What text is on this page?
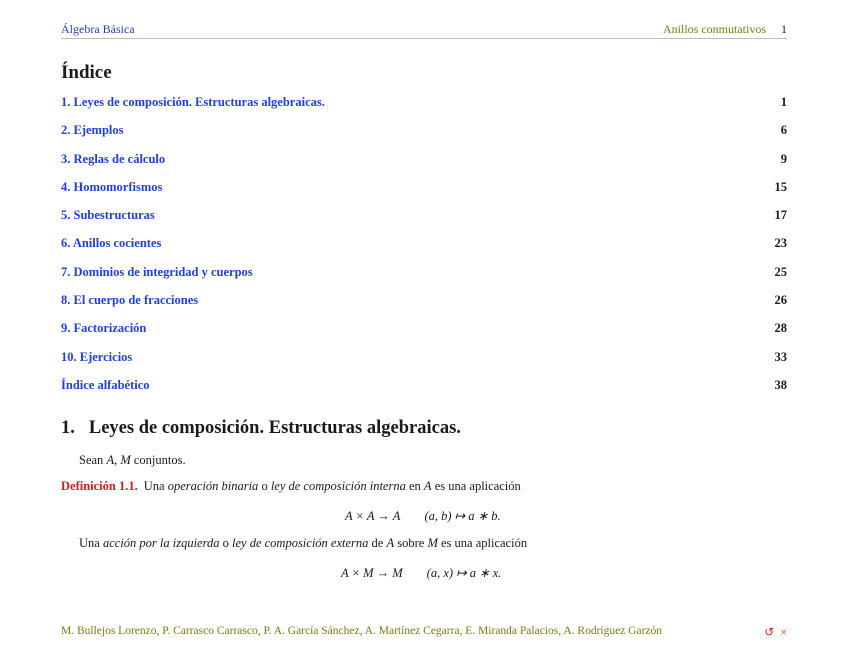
Álgebra Básica	Anillos conmutativos 1
Índice
1. Leyes de composición. Estructuras algebraicas.	1
2. Ejemplos	6
3. Reglas de cálculo	9
4. Homomorfismos	15
5. Subestructuras	17
6. Anillos cocientes	23
7. Dominios de integridad y cuerpos	25
8. El cuerpo de fracciones	26
9. Factorización	28
10. Ejercicios	33
Índice alfabético	38
1. Leyes de composición. Estructuras algebraicas.
Sean A, M conjuntos.
Definición 1.1. Una operación binaria o ley de composición interna en A es una aplicación
A × A → A (a, b) ↦ a ∗ b.
Una acción por la izquierda o ley de composición externa de A sobre M es una aplicación
A × M → M (a, x) ↦ a ∗ x.
M. Bullejos Lorenzo, P. Carrasco Carrasco, P. A. García Sánchez, A. Martínez Cegarra, E. Miranda Palacios, A. Rodríguez Garzón	↺ ×
